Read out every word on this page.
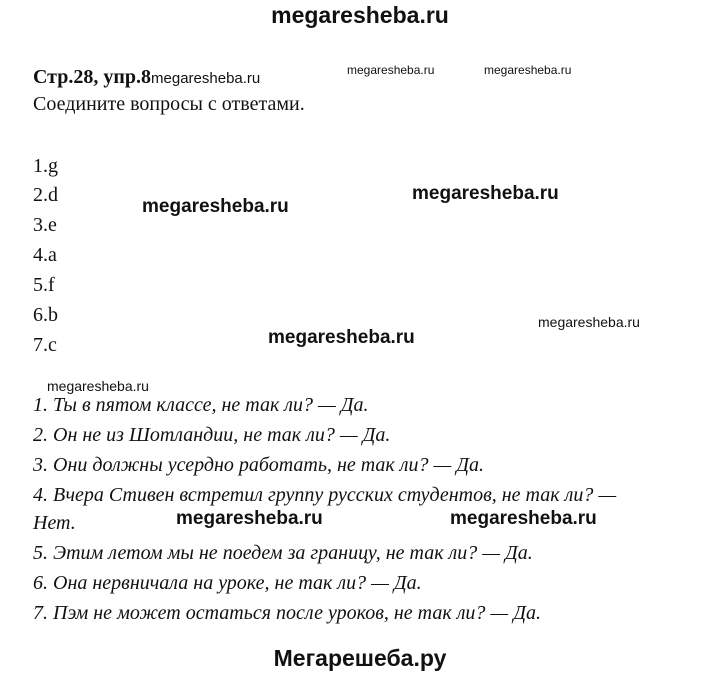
megaresheba.ru
Стр.28, упр.8megaresheba.ru	megaresheba.ru	megaresheba.ru
Соедините вопросы с ответами.
1.g
2.d
3.e
4.a
5.f
6.b
7.c
megaresheba.ru
megaresheba.ru
megaresheba.ru
megaresheba.ru
megaresheba.ru
1. Ты в пятом классе, не так ли? — Да.
2. Он не из Шотландии, не так ли? — Да.
3. Они должны усердно работать, не так ли? — Да.
4. Вчера Стивен встретил группу русских студентов, не так ли? —
Нет.
5. Этим летом мы не поедем за границу, не так ли? — Да.
6. Она нервничала на уроке, не так ли? — Да.
7. Пэм не может остаться после уроков, не так ли? — Да.
megaresheba.ru	megaresheba.ru
Мегарешеба.ру
